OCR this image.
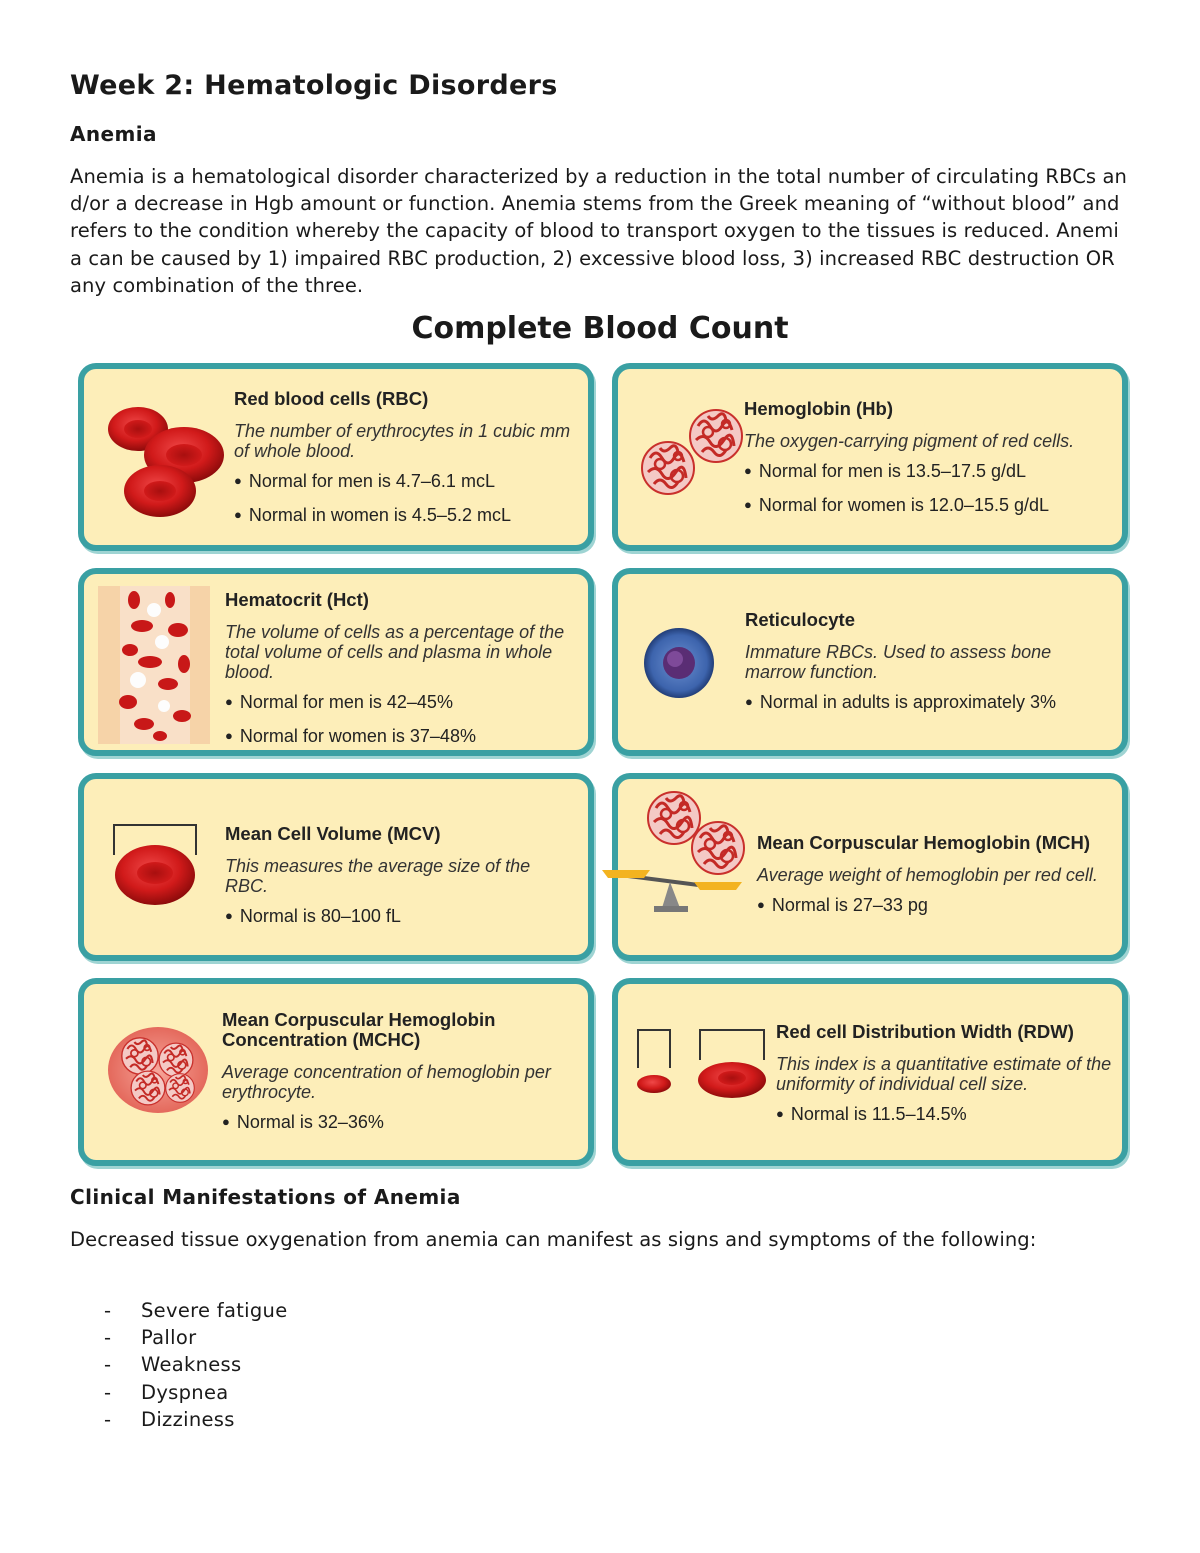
Week 2: Hematologic Disorders
Anemia

Anemia is a hematological disorder characterized by a reduction in the total number of circulating RBCs and/or a decrease in Hgb amount or function. Anemia stems from the Greek meaning of “without blood” and refers to the condition whereby the capacity of blood to transport oxygen to the tissues is reduced. Anemia can be caused by 1) impaired RBC production, 2) excessive blood loss, 3) increased RBC destruction OR any combination of the three.

Complete Blood Count
Red blood cells (RBC)

The number of erythrocytes in 1 cubic mm of whole blood.

● Normal for men is 4.7–6.1 mcL
● Normal in women is 4.5–5.2 mcL
Hemoglobin (Hb)

The oxygen-carrying pigment of red cells.

● Normal for men is 13.5–17.5 g/dL
● Normal for women is 12.0–15.5 g/dL
Hematocrit (Hct)

The volume of cells as a percentage of the total volume of cells and plasma in whole blood.

● Normal for men is 42–45%
● Normal for women is 37–48%
Reticulocyte

Immature RBCs. Used to assess bone marrow function.

● Normal in adults is approximately 3%
Mean Cell Volume (MCV)

This measures the average size of the RBC.

● Normal is 80–100 fL
Mean Corpuscular Hemoglobin (MCH)

Average weight of hemoglobin per red cell.

● Normal is 27–33 pg
Mean Corpuscular Hemoglobin Concentration (MCHC)

Average concentration of hemoglobin per erythrocyte.

● Normal is 32–36%
Red cell Distribution Width (RDW)

This index is a quantitative estimate of the uniformity of individual cell size.

● Normal is 11.5–14.5%
Clinical Manifestations of Anemia

Decreased tissue oxygenation from anemia can manifest as signs and symptoms of the following:

- Severe fatigue
- Pallor
- Weakness
- Dyspnea
- Dizziness
